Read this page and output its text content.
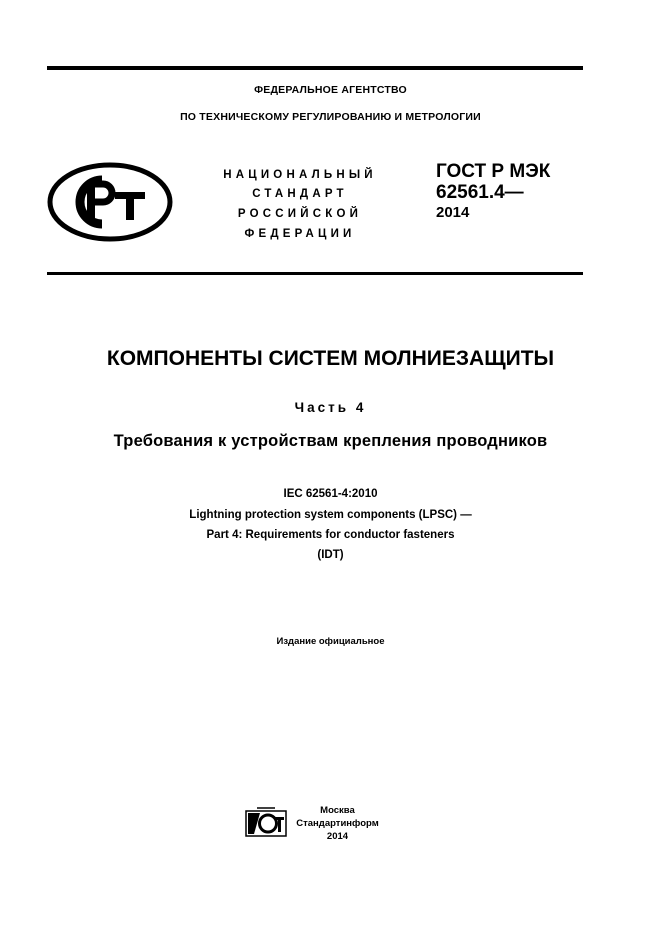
ФЕДЕРАЛЬНОЕ АГЕНТСТВО
ПО ТЕХНИЧЕСКОМУ РЕГУЛИРОВАНИЮ И МЕТРОЛОГИИ
НАЦИОНАЛЬНЫЙ
СТАНДАРТ
РОССИЙСКОЙ
ФЕДЕРАЦИИ
ГОСТ Р МЭК
62561.4—
2014
КОМПОНЕНТЫ СИСТЕМ МОЛНИЕЗАЩИТЫ
Часть 4
Требования к устройствам крепления проводников
IEC 62561-4:2010
Lightning protection system components (LPSC) —
Part 4: Requirements for conductor fasteners
(IDT)
Издание официальное
Москва
Стандартинформ
2014
